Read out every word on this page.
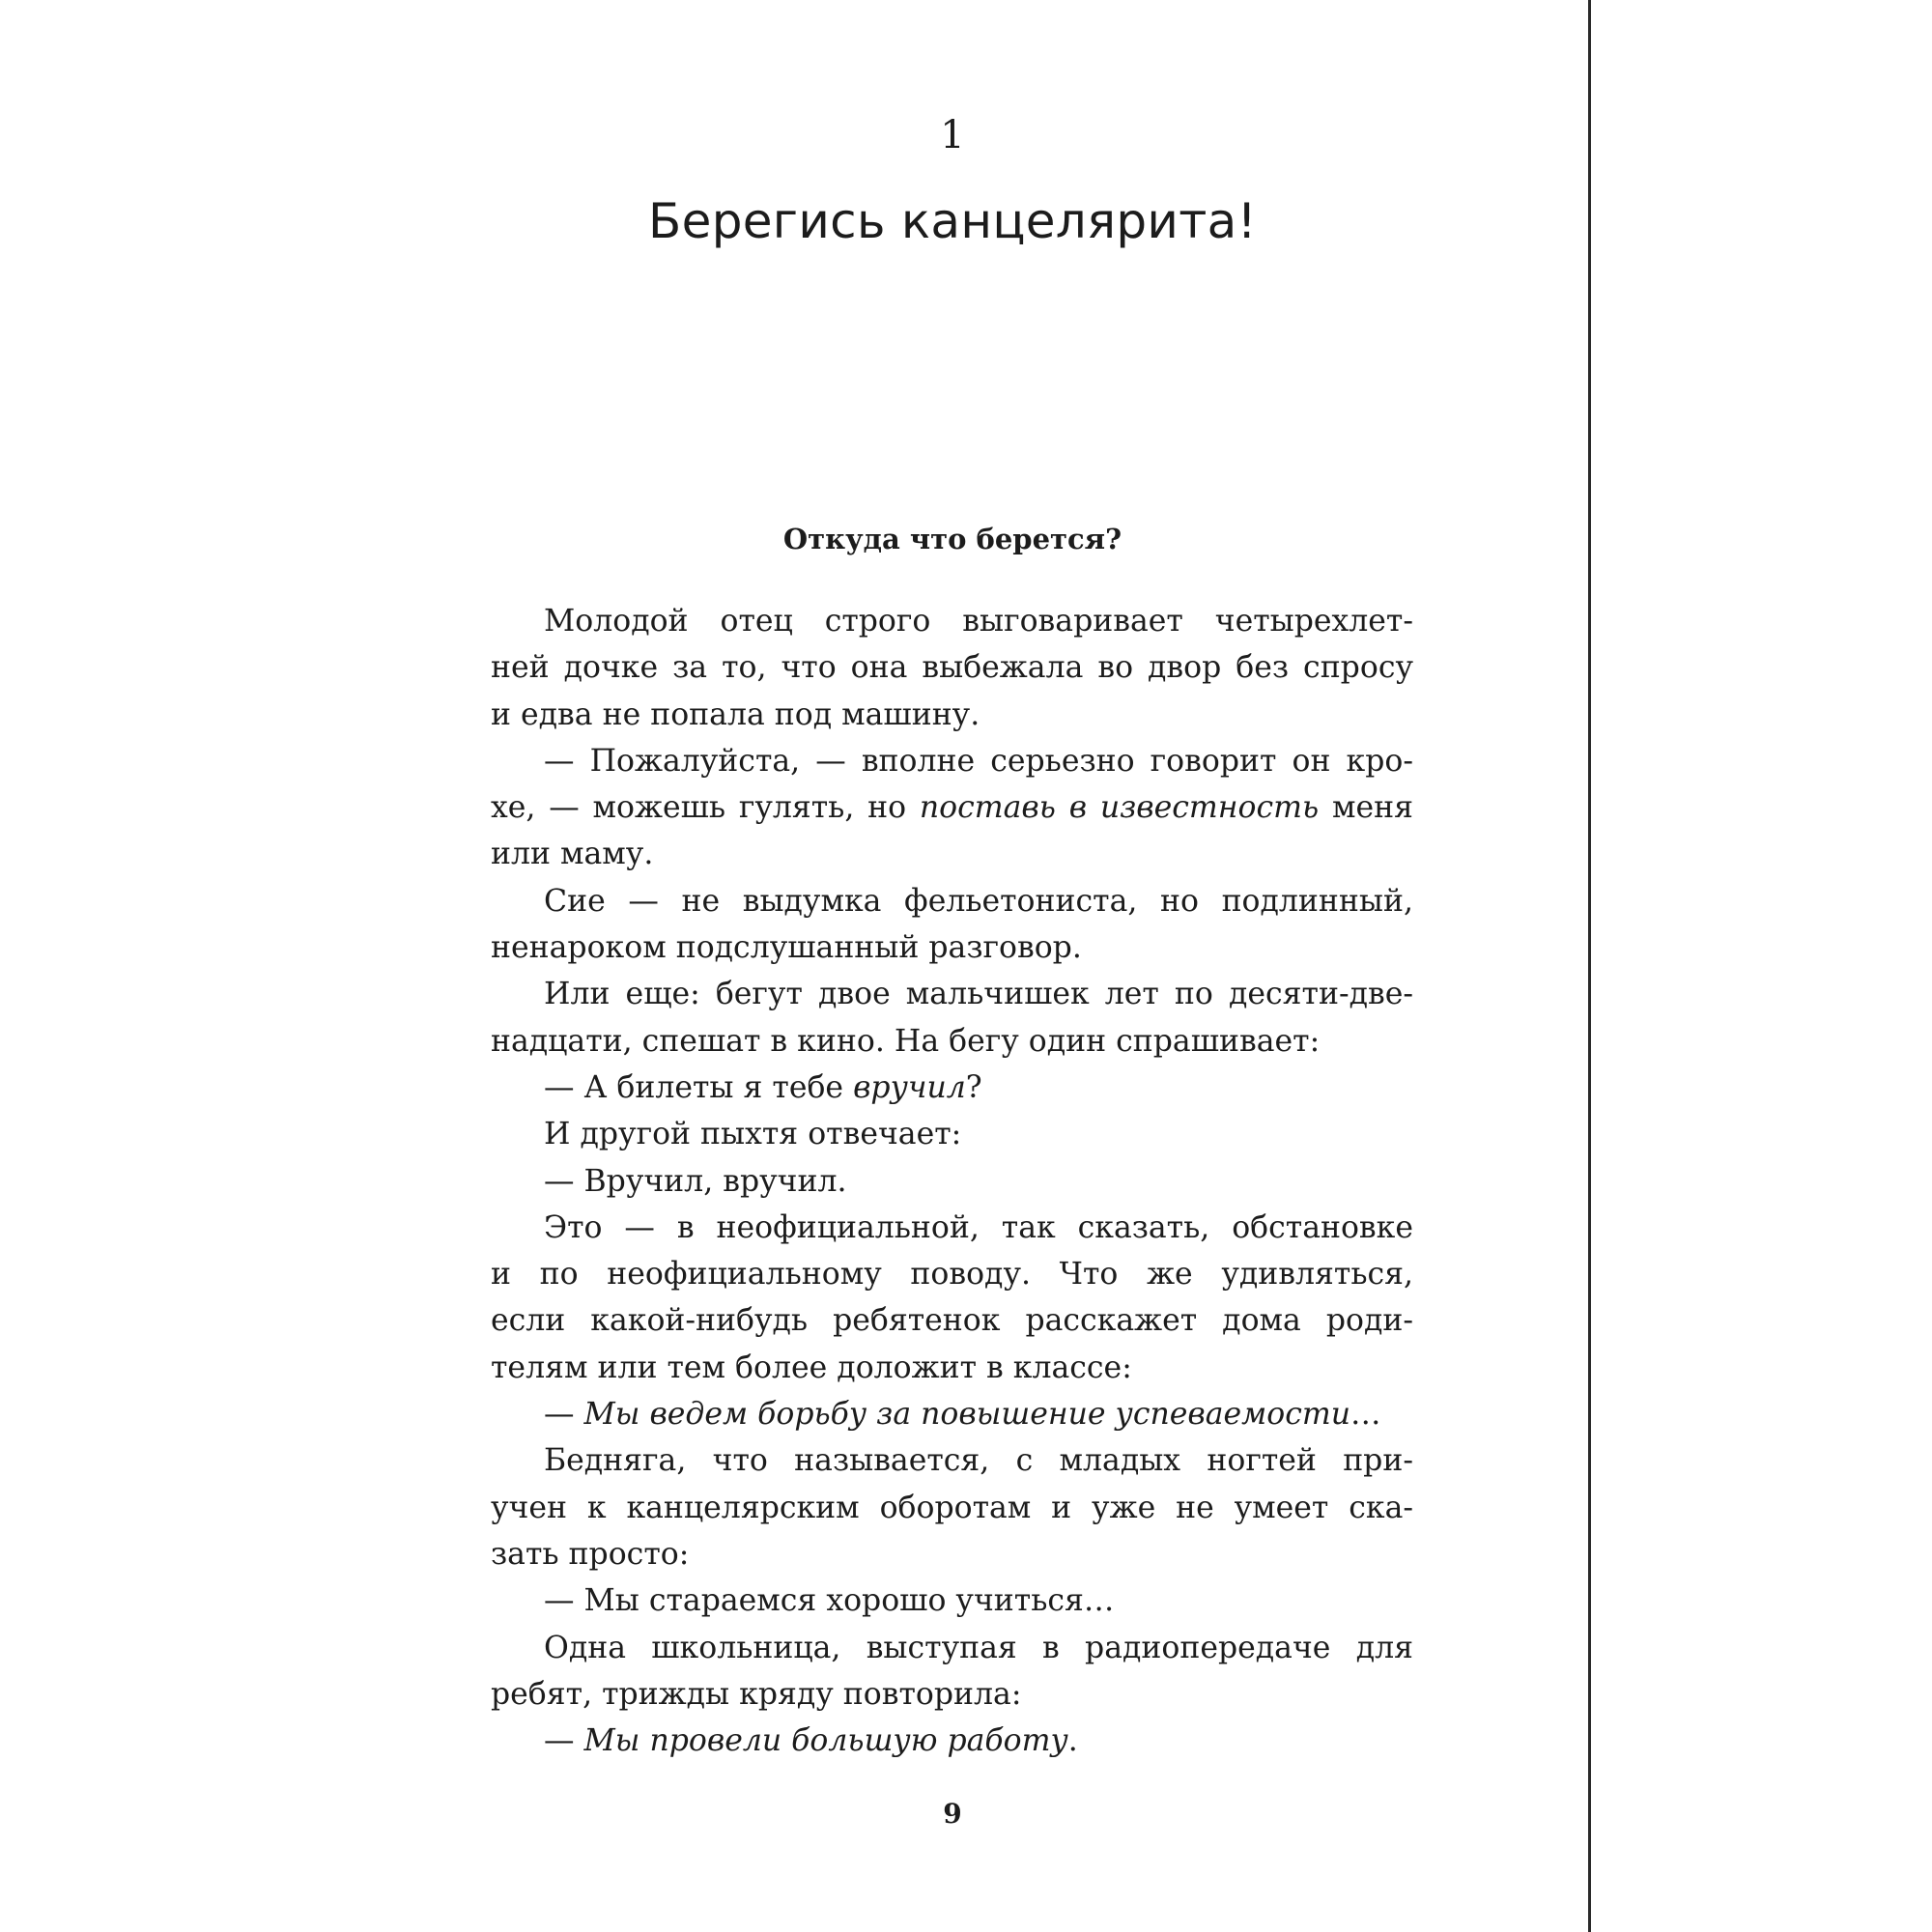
1
Берегись канцелярита!
Откуда что берется?
Молодой отец строго выговаривает четырехлет-
ней дочке за то, что она выбежала во двор без спросу
и едва не попала под машину.
— Пожалуйста, — вполне серьезно говорит он кро-
хе, — можешь гулять, но поставь в известность меня
или маму.
Сие — не выдумка фельетониста, но подлинный,
ненароком подслушанный разговор.
Или еще: бегут двое мальчишек лет по десяти-две-
надцати, спешат в кино. На бегу один спрашивает:
— А билеты я тебе вручил?
И другой пыхтя отвечает:
— Вручил, вручил.
Это — в неофициальной, так сказать, обстановке
и по неофициальному поводу. Что же удивляться,
если какой-нибудь ребятенок расскажет дома роди-
телям или тем более доложит в классе:
— Мы ведем борьбу за повышение успеваемости…
Бедняга, что называется, с младых ногтей при-
учен к канцелярским оборотам и уже не умеет ска-
зать просто:
— Мы стараемся хорошо учиться…
Одна школьница, выступая в радиопередаче для
ребят, трижды кряду повторила:
— Мы провели большую работу.
9
